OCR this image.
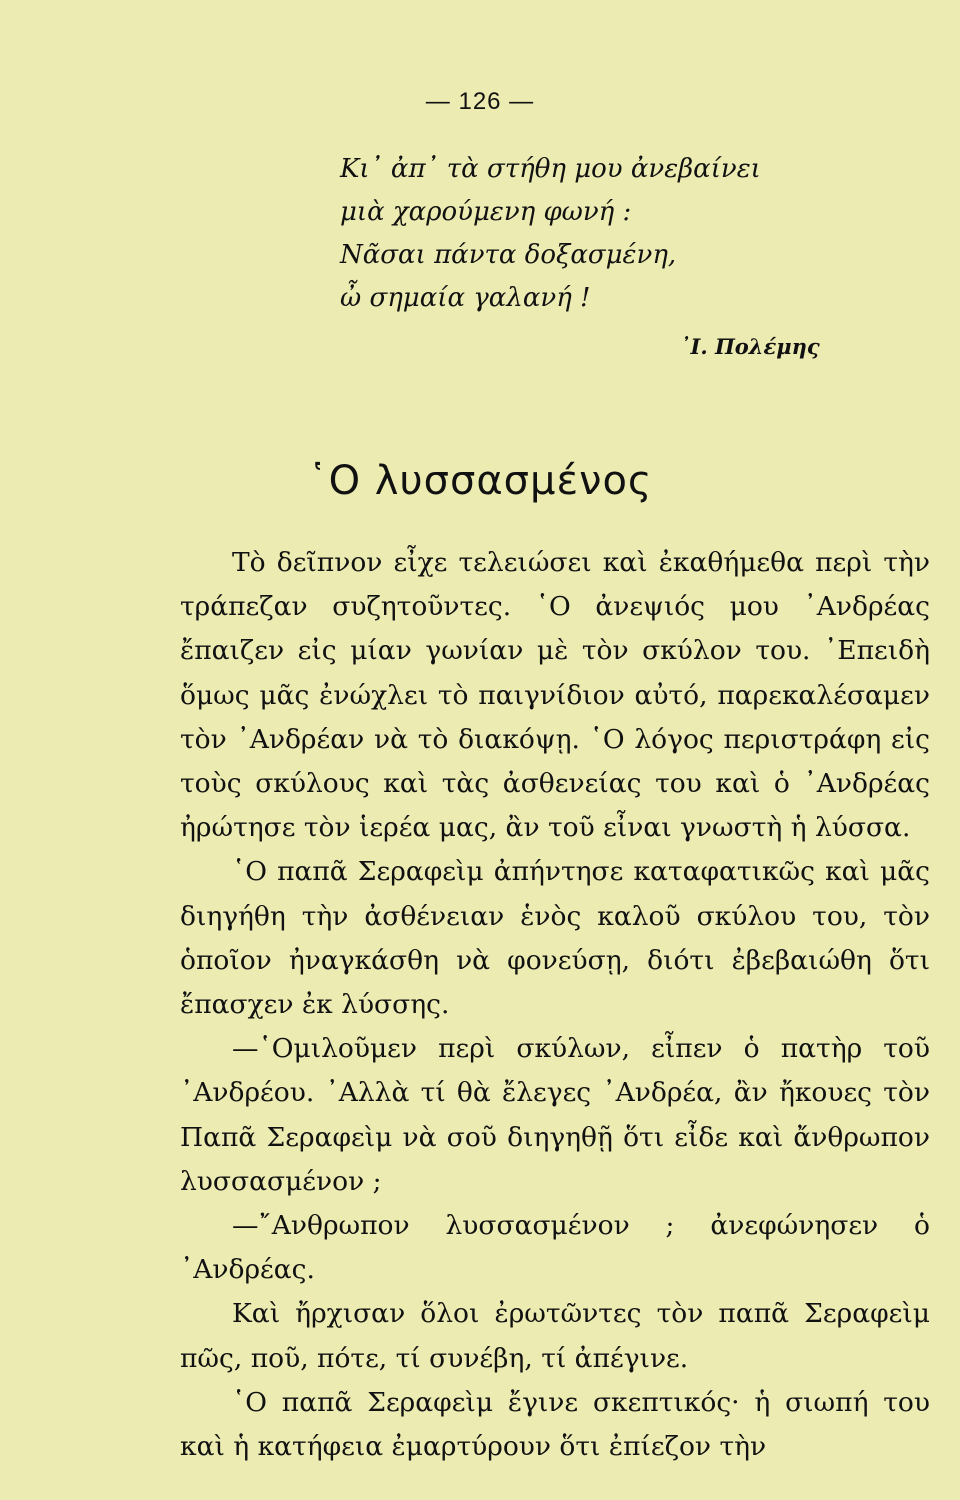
— 126 —
Κι᾽ ἀπ᾽ τὰ στήθη μου ἀνεβαίνει
μιὰ χαρούμενη φωνή :
Νᾶσαι πάντα δοξασμένη,
ὦ σημαία γαλανή !
᾽Ι. Πολέμης
῾Ο λυσσασμένος

Τὸ δεῖπνον εἶχε τελειώσει καὶ ἐκαθήμεθα περὶ τὴν τράπεζαν συζητοῦντες. ῾Ο ἀνεψιός μου ᾽Ανδρέας ἔπαιζεν εἰς μίαν γωνίαν μὲ τὸν σκύλον του. ᾽Επειδὴ ὅμως μᾶς ἐνώχλει τὸ παιγνίδιον αὐτό, παρεκαλέσαμεν τὸν ᾽Ανδρέαν νὰ τὸ διακόψῃ. ῾Ο λόγος περιστράφη εἰς τοὺς σκύλους καὶ τὰς ἀσθενείας του καὶ ὁ ᾽Ανδρέας ἠρώτησε τὸν ἱερέα μας, ἂν τοῦ εἶναι γνωστὴ ἡ λύσσα.

῾Ο παπᾶ Σεραφεὶμ ἀπήντησε καταφατικῶς καὶ μᾶς διηγήθη τὴν ἀσθένειαν ἑνὸς καλοῦ σκύλου του, τὸν ὁποῖον ἠναγκάσθη νὰ φονεύσῃ, διότι ἐβεβαιώθη ὅτι ἔπασχεν ἐκ λύσσης.

—῾Ομιλοῦμεν περὶ σκύλων, εἶπεν ὁ πατὴρ τοῦ ᾽Ανδρέου. ᾽Αλλὰ τί θὰ ἔλεγες ᾽Ανδρέα, ἂν ἤκουες τὸν Παπᾶ Σεραφεὶμ νὰ σοῦ διηγηθῇ ὅτι εἶδε καὶ ἄνθρωπον λυσσασμένον ;

—῎Ανθρωπον λυσσασμένον ; ἀνεφώνησεν ὁ ᾽Ανδρέας.

Καὶ ἤρχισαν ὅλοι ἐρωτῶντες τὸν παπᾶ Σεραφεὶμ πῶς, ποῦ, πότε, τί συνέβη, τί ἀπέγινε.

῾Ο παπᾶ Σεραφεὶμ ἔγινε σκεπτικός· ἡ σιωπή του καὶ ἡ κατήφεια ἐμαρτύρουν ὅτι ἐπίεζον τὴν
